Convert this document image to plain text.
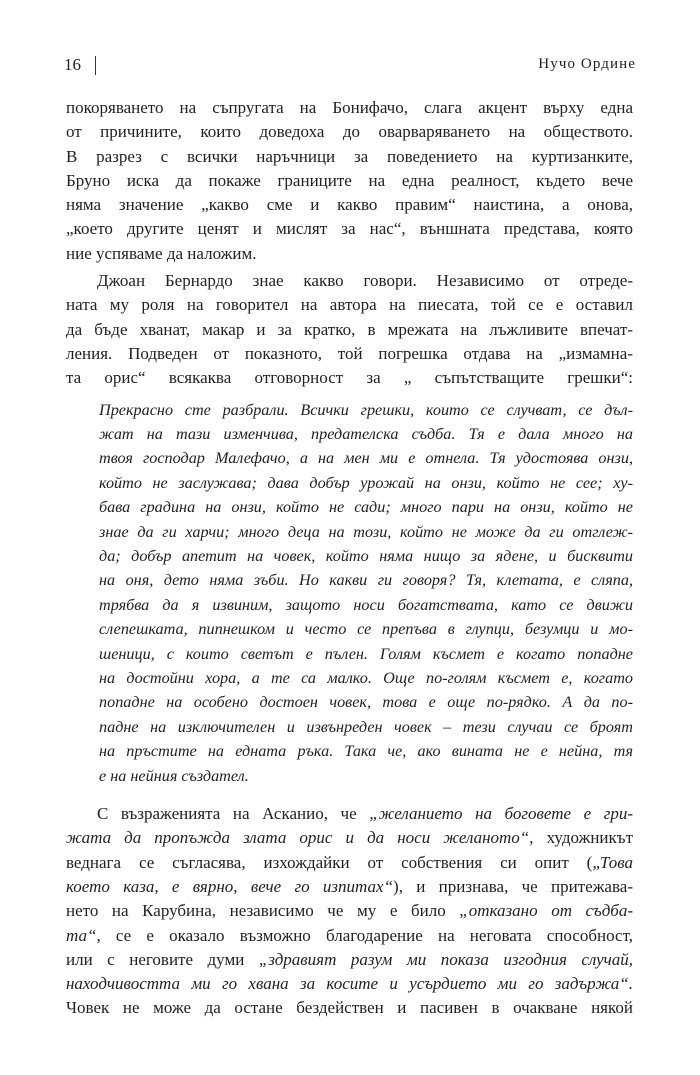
16	Нучо Ордине

покоряването на съпругата на Бонифачо, слага акцент върху една
от причините, които доведоха до оварваряването на обществото.
В разрез с всички наръчници за поведението на куртизанките,
Бруно иска да покаже границите на една реалност, където вече
няма значение „какво сме и какво правим“ наистина, а онова,
„което другите ценят и мислят за нас“, външната представа, която
ние успяваме да наложим.

Джоан Бернардо знае какво говори. Независимо от отреде-
ната му роля на говорител на автора на пиесата, той се е оставил
да бъде хванат, макар и за кратко, в мрежата на лъжливите впечат-
ления. Подведен от показното, той погрешка отдава на „измамна-
та орис“ всякаква отговорност за „ съпътстващите грешки“:

Прекрасно сте разбрали. Всички грешки, които се случват, се дъл-
жат на тази изменчива, предателска съдба. Тя е дала много на
твоя господар Малефачо, а на мен ми е отнела. Тя удостоява онзи,
който не заслужава; дава добър урожай на онзи, който не сее; ху-
бава градина на онзи, който не сади; много пари на онзи, който не
знае да ги харчи; много деца на този, който не може да ги отглеж-
да; добър апетит на човек, който няма нищо за ядене, и бисквити
на оня, дето няма зъби. Но какви ги говоря? Тя, клетата, е сляпа,
трябва да я извиним, защото носи богатствата, като се движи
слепешката, пипнешком и често се препъва в глупци, безумци и мо-
шеници, с които светът е пълен. Голям късмет е когато попадне
на достойни хора, а те са малко. Още по-голям късмет е, когато
попадне на особено достоен човек, това е още по-рядко. А да по-
падне на изключителен и извънреден човек – тези случаи се броят
на пръстите на едната ръка. Така че, ако вината не е нейна, тя
е на нейния създател.

С възраженията на Асканио, че „желанието на боговете е гри-
жата да пропъжда злата орис и да носи желаното“, художникът
веднага се съгласява, изхождайки от собствения си опит („Това
което каза, е вярно, вече го изпитах“), и признава, че притежава-
нето на Карубина, независимо че му е било „отказано от съдба-
та“, се е оказало възможно благодарение на неговата способност,
или с неговите думи „здравият разум ми показа изгодния случай,
находчивостта ми го хвана за косите и усърдието ми го задържа“.
Човек не може да остане бездействен и пасивен в очакване някой
